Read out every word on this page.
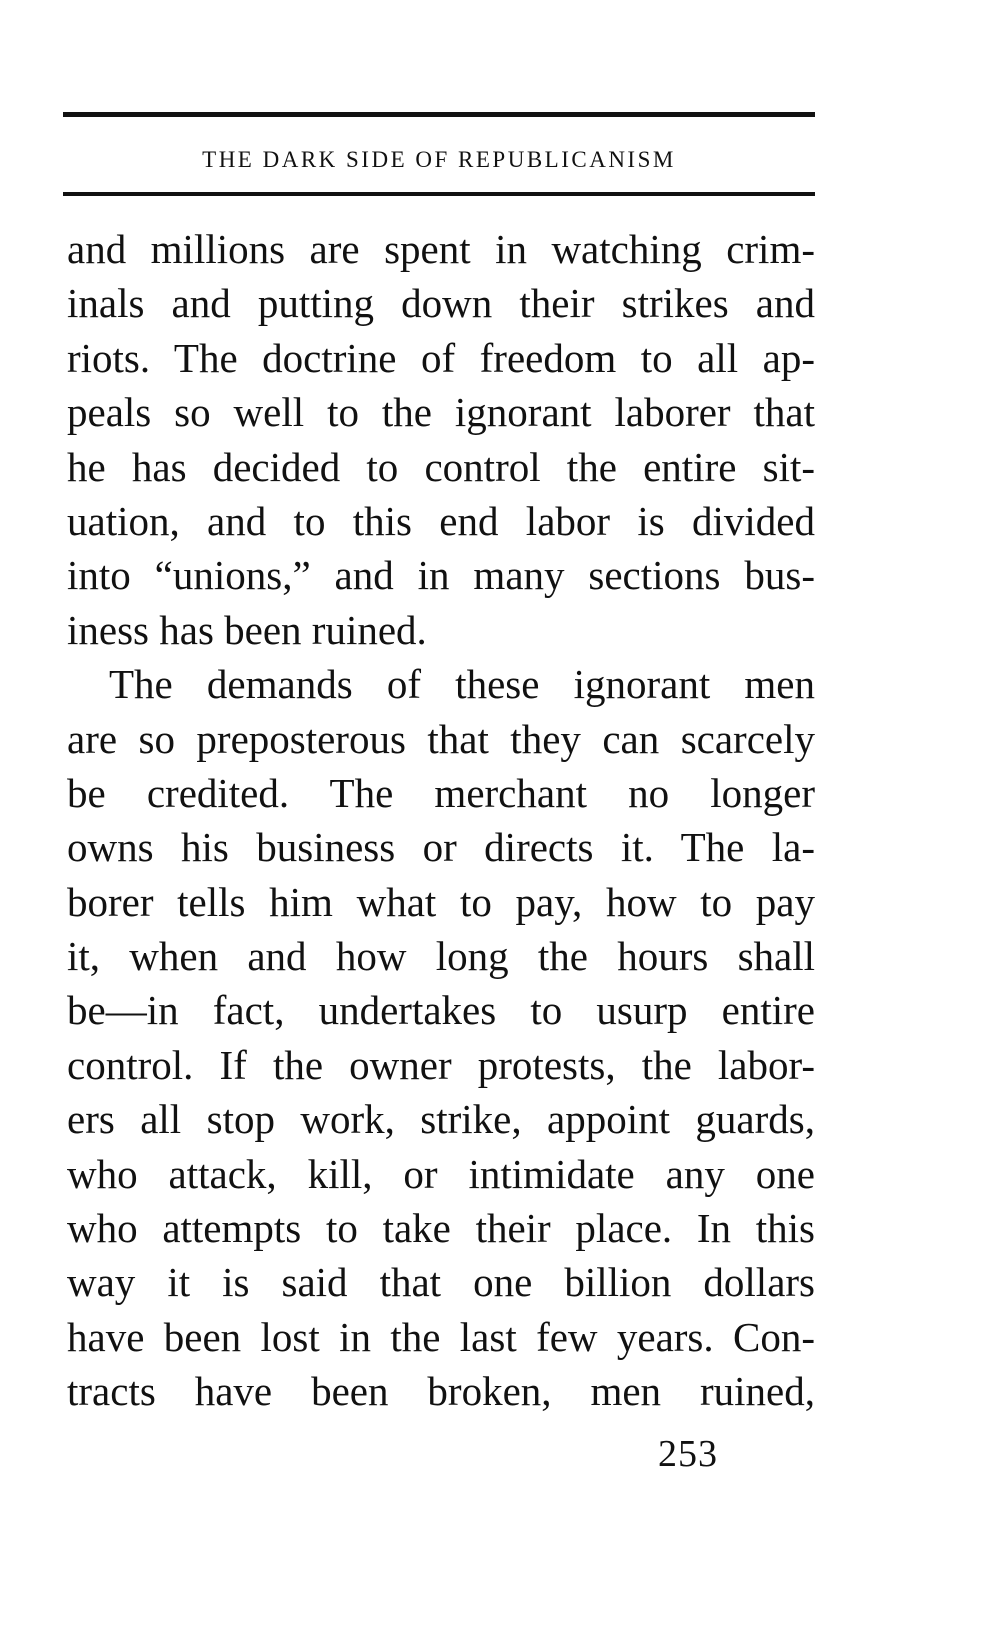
THE DARK SIDE OF REPUBLICANISM
and millions are spent in watching crim-
inals and putting down their strikes and
riots. The doctrine of freedom to all ap-
peals so well to the ignorant laborer that
he has decided to control the entire sit-
uation, and to this end labor is divided
into “unions,” and in many sections bus-
iness has been ruined.
The demands of these ignorant men
are so preposterous that they can scarcely
be credited. The merchant no longer
owns his business or directs it. The la-
borer tells him what to pay, how to pay
it, when and how long the hours shall
be—in fact, undertakes to usurp entire
control. If the owner protests, the labor-
ers all stop work, strike, appoint guards,
who attack, kill, or intimidate any one
who attempts to take their place. In this
way it is said that one billion dollars
have been lost in the last few years. Con-
tracts have been broken, men ruined,
253
